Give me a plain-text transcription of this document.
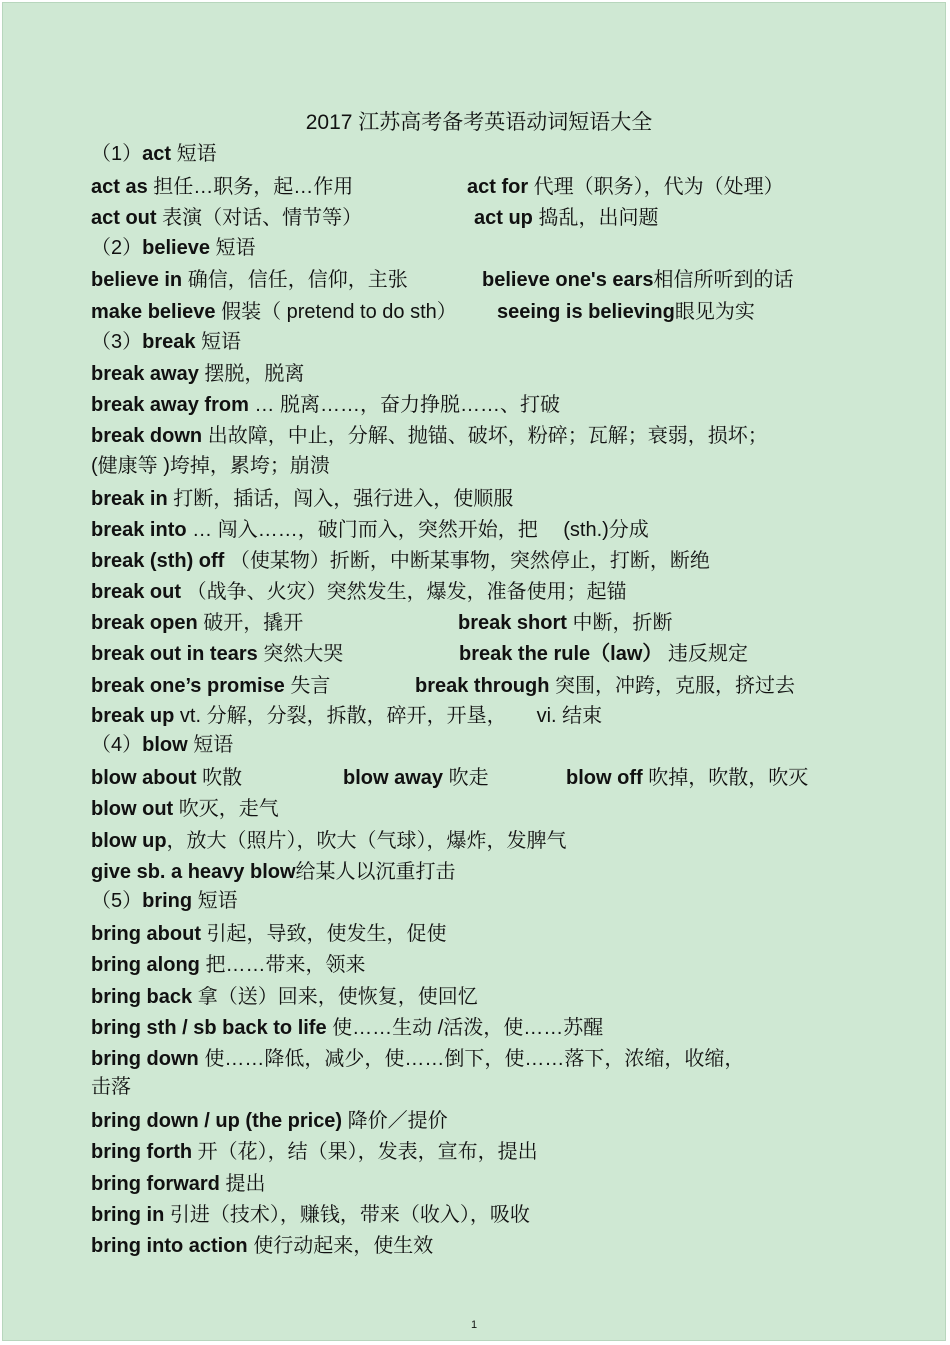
2017 江苏高考备考英语动词短语大全
（1）act 短语
act as 担任…职务，起…作用	act for 代理（职务），代为（处理）
act out 表演（对话、情节等）	act up 捣乱，出问题
（2）believe 短语
believe in 确信，信任，信仰，主张	believe one's ears相信所听到的话
make believe 假装（ pretend to do sth） seeing is believing眼见为实
（3）break 短语
break away 摆脱，脱离
break away from … 脱离……，奋力挣脱……、打破
break down 出故障，中止，分解、抛锚、破坏，粉碎；瓦解；衰弱，损坏；
(健康等 )垮掉，累垮；崩溃
break in 打断，插话，闯入，强行进入，使顺服
break into … 闯入……，破门而入，突然开始，把　 (sth.)分成
break (sth) off （使某物）折断，中断某事物，突然停止，打断，断绝
break out （战争、火灾）突然发生，爆发，准备使用；起锚
break open 破开，撬开	break short 中断，折断
break out in tears 突然大哭	break the rule（law） 违反规定
break one’s promise 失言	break through 突围，冲跨，克服，挤过去
break up vt. 分解，分裂，拆散，碎开，开垦，　　vi. 结束
（4）blow 短语
blow about 吹散	blow away 吹走	blow off 吹掉，吹散，吹灭
blow out 吹灭，走气
blow up，放大（照片），吹大（气球），爆炸，发脾气
give sb. a heavy blow给某人以沉重打击
（5）bring 短语
bring about 引起，导致，使发生，促使
bring along 把……带来，领来
bring back 拿（送）回来，使恢复，使回忆
bring sth / sb back to life 使……生动 /活泼，使……苏醒
bring down 使……降低，减少，使……倒下，使……落下，浓缩，收缩，
击落
bring down / up (the price) 降价／提价
bring forth 开（花），结（果），发表，宣布，提出
bring forward 提出
bring in 引进（技术），赚钱，带来（收入），吸收
bring into action 使行动起来，使生效
1
